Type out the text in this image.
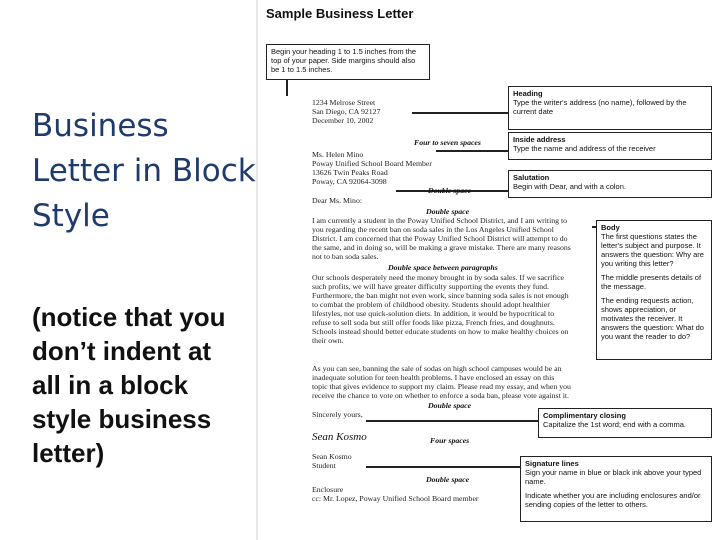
Business
Letter in Block
Style
(notice that you
don’t indent at
all in a block
style business
letter)
Sample Business Letter
Begin your heading 1 to 1.5 inches from the top of your paper. Side margins should also be 1 to 1.5 inches.
Heading
Type the writer's address (no name), followed by the current date
Inside address
Type the name and address of the receiver
Salutation
Begin with Dear, and with a colon.
Body
The first questions states the letter's subject and purpose. It answers the question: Why are you writing this letter?
The middle presents details of the message.
The ending requests action, shows appreciation, or motivates the receiver. It answers the question: What do you want the reader to do?
Complimentary closing
Capitalize the 1st word; end with a comma.
Signature lines
Sign your name in blue or black ink above your typed name.
Indicate whether you are including enclosures and/or sending copies of the letter to others.
1234 Melrose Street
San Diego, CA 92127
December 10, 2002
Four to seven spaces
Ms. Helen Mino
Poway Unified School Board Member
13626 Twin Peaks Road
Poway, CA 92064-3098
Double space
Dear Ms. Mino:
Double space
I am currently a student in the Poway Unified School District, and I am writing to
you regarding the recent ban on soda sales in the Los Angeles Unified School
District. I am concerned that the Poway Unified School District will attempt to do
the same, and in doing so, will be making a grave mistake. There are many reasons
not to ban soda sales.
Double space between paragraphs
Our schools desperately need the money brought in by soda sales. If we sacrifice
such profits, we will have greater difficulty supporting the events they fund.
Furthermore, the ban might not even work, since banning soda sales is not enough
to combat the problem of childhood obesity. Students should adopt healthier
lifestyles, not use quick-solution diets. In addition, it would be hypocritical to
refuse to sell soda but still offer foods like pizza, French fries, and doughnuts.
Schools instead should better educate students on how to make healthy choices on
their own.
As you can see, banning the sale of sodas on high school campuses would be an
inadequate solution for teen health problems. I have enclosed an essay on this
topic that gives evidence to support my claim. Please read my essay, and when you
receive the chance to vote on whether to enforce a soda ban, please vote against it.
Double space
Sincerely yours,
Sean Kosmo	Four spaces
Sean Kosmo
Student
Double space
Enclosure
cc: Mr. Lopez, Poway Unified School Board member
